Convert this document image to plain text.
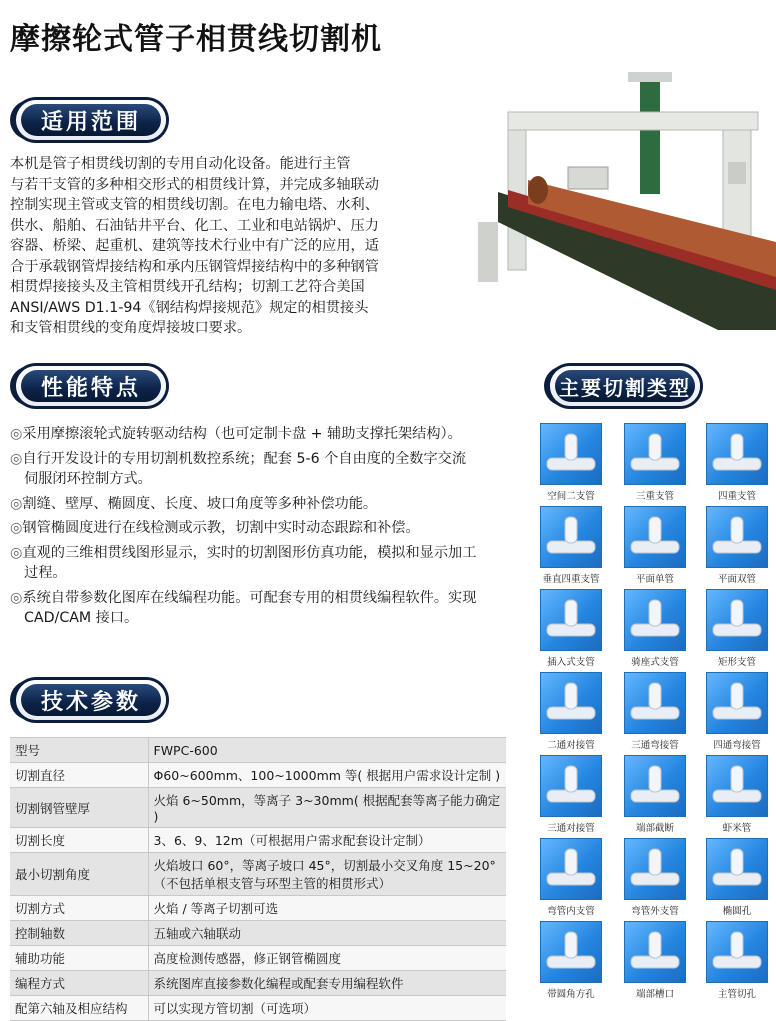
摩擦轮式管子相贯线切割机
适用范围
本机是管子相贯线切割的专用自动化设备。能进行主管
与若干支管的多种相交形式的相贯线计算，并完成多轴联动
控制实现主管或支管的相贯线切割。在电力输电塔、水利、
供水、船舶、石油钻井平台、化工、工业和电站锅炉、压力
容器、桥梁、起重机、建筑等技术行业中有广泛的应用，适
合于承载钢管焊接结构和承内压钢管焊接结构中的多种钢管
相贯焊接接头及主管相贯线开孔结构；切割工艺符合美国
ANSI/AWS D1.1-94《钢结构焊接规范》规定的相贯接头
和支管相贯线的变角度焊接坡口要求。
性能特点
◎采用摩擦滚轮式旋转驱动结构（也可定制卡盘 + 辅助支撑托架结构）。
◎自行开发设计的专用切割机数控系统；配套 5-6 个自由度的全数字交流伺服闭环控制方式。
◎割缝、壁厚、椭圆度、长度、坡口角度等多种补偿功能。
◎钢管椭圆度进行在线检测或示教，切割中实时动态跟踪和补偿。
◎直观的三维相贯线图形显示，实时的切割图形仿真功能，模拟和显示加工过程。
◎系统自带参数化图库在线编程功能。可配套专用的相贯线编程软件。实现 CAD/CAM 接口。
技术参数
型号	FWPC-600
切割直径	Φ60~600mm、100~1000mm 等( 根据用户需求设计定制 )
切割钢管壁厚	火焰 6~50mm，等离子 3~30mm( 根据配套等离子能力确定 )
切割长度	3、6、9、12m（可根据用户需求配套设计定制）
最小切割角度	火焰坡口 60°，等离子坡口 45°，切割最小交叉角度 15~20°（不包括单根支管与环型主管的相贯形式）
切割方式	火焰 / 等离子切割可选
控制轴数	五轴或六轴联动
辅助功能	高度检测传感器，修正钢管椭圆度
编程方式	系统图库直接参数化编程或配套专用编程软件
配第六轴及相应结构	可以实现方管切割（可选项）
主要切割类型
空间二支管	三重支管	四重支管
垂直四重支管	平面单管	平面双管
插入式支管	骑座式支管	矩形支管
二通对接管	三通弯接管	四通弯接管
三通对接管	端部截断	虾米管
弯管内支管	弯管外支管	椭圆孔
带圆角方孔	端部槽口	主管切孔
